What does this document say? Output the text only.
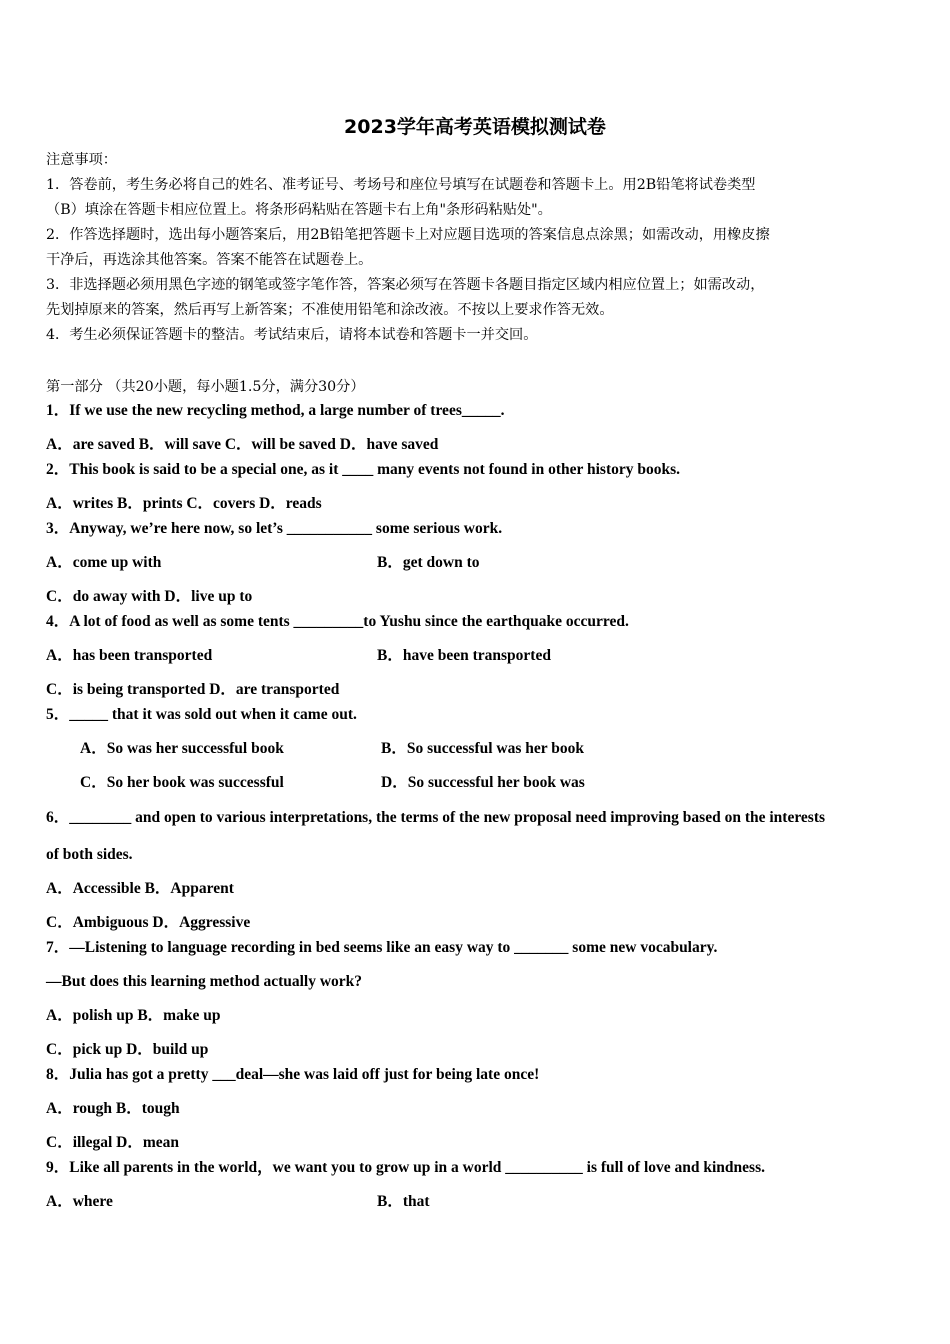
2023学年高考英语模拟测试卷
注意事项：
1．答卷前，考生务必将自己的姓名、准考证号、考场号和座位号填写在试题卷和答题卡上。用2B铅笔将试卷类型
（B）填涂在答题卡相应位置上。将条形码粘贴在答题卡右上角"条形码粘贴处"。
2．作答选择题时，选出每小题答案后，用2B铅笔把答题卡上对应题目选项的答案信息点涂黑；如需改动，用橡皮擦
干净后，再选涂其他答案。答案不能答在试题卷上。
3．非选择题必须用黑色字迹的钢笔或签字笔作答，答案必须写在答题卡各题目指定区域内相应位置上；如需改动，
先划掉原来的答案，然后再写上新答案；不准使用铅笔和涂改液。不按以上要求作答无效。
4．考生必须保证答题卡的整洁。考试结束后，请将本试卷和答题卡一并交回。
第一部分 （共20小题，每小题1.5分，满分30分）
1．If we use the new recycling method, a large number of trees_____.
A．are saved B．will save C．will be saved D．have saved
2．This book is said to be a special one, as it ____ many events not found in other history books.
A．writes B．prints C．covers D．reads
3．Anyway, we’re here now, so let’s ___________ some serious work.
A．come up with	B．get down to
C．do away with D．live up to
4．A lot of food as well as some tents _________to Yushu since the earthquake occurred.
A．has been transported	B．have been transported
C．is being transported D．are transported
5．_____ that it was sold out when it came out.
A．So was her successful book	B．So successful was her book
C．So her book was successful	D．So successful her book was
6．________ and open to various interpretations, the terms of the new proposal need improving based on the interests
of both sides.
A．Accessible B．Apparent
C．Ambiguous D．Aggressive
7．—Listening to language recording in bed seems like an easy way to _______ some new vocabulary.
—But does this learning method actually work?
A．polish up B．make up
C．pick up D．build up
8．Julia has got a pretty ___deal—she was laid off just for being late once!
A．rough B．tough
C．illegal D．mean
9．Like all parents in the world，we want you to grow up in a world __________ is full of love and kindness.
A．where	B．that
